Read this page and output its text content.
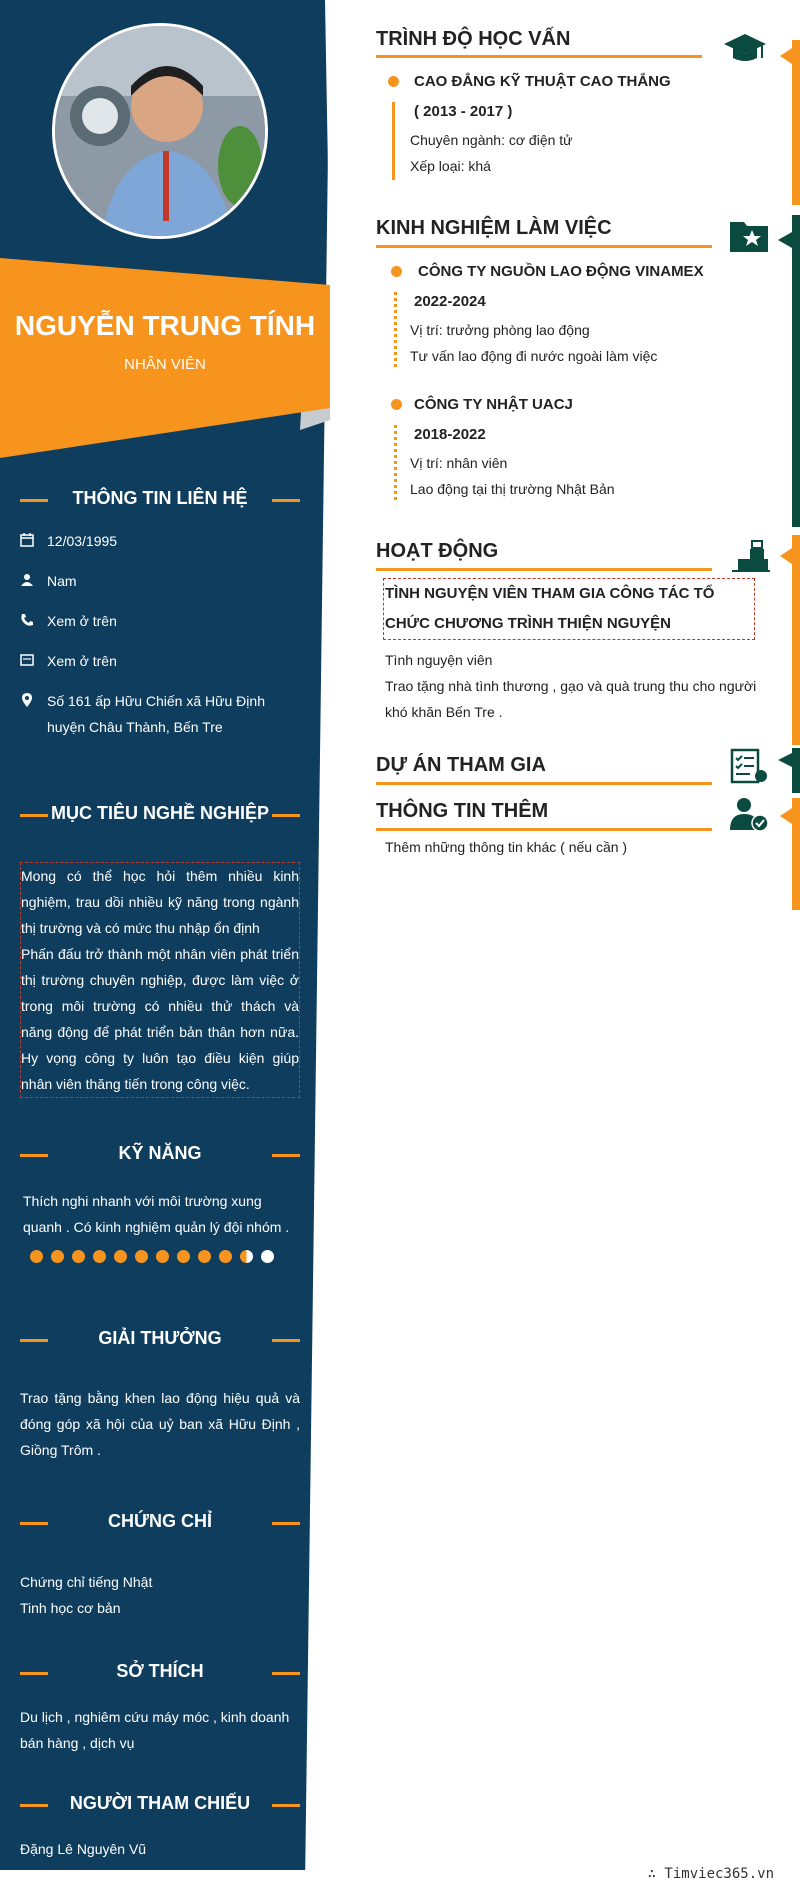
NGUYỄN TRUNG TÍNH
NHÂN VIÊN
THÔNG TIN LIÊN HỆ
12/03/1995
Nam
Xem ở trên
Xem ở trên
Số 161 ấp Hữu Chiến xã Hữu Định huyện Châu Thành, Bến Tre
MỤC TIÊU NGHỀ NGHIỆP
Mong có thể học hỏi thêm nhiều kinh nghiệm, trau dồi nhiều kỹ năng trong ngành thị trường và có mức thu nhập ổn định
Phấn đấu trở thành một nhân viên phát triển thị trường chuyên nghiệp, được làm việc ở trong môi trường có nhiều thử thách và năng động để phát triển bản thân hơn nữa. Hy vọng công ty luôn tạo điều kiện giúp nhân viên thăng tiến trong công việc.
KỸ NĂNG
Thích nghi nhanh với môi trường xung quanh . Có kinh nghiệm quản lý đội nhóm .
GIẢI THƯỞNG
Trao tặng bằng khen lao động hiệu quả và đóng góp xã hội của uỷ ban xã Hữu Định , Giồng Trôm .
CHỨNG CHỈ
Chứng chỉ tiếng Nhật
Tinh học cơ bản
SỞ THÍCH
Du lịch , nghiêm cứu máy móc , kinh doanh bán hàng , dịch vụ
NGƯỜI THAM CHIẾU
Đặng Lê Nguyên Vũ
TRÌNH ĐỘ HỌC VẤN
CAO ĐẲNG KỸ THUẬT CAO THẮNG
( 2013 - 2017 )
Chuyên ngành: cơ điện tử
Xếp loại: khá
KINH NGHIỆM LÀM VIỆC
CÔNG TY NGUỒN LAO ĐỘNG VINAMEX
2022-2024
Vị trí: trưởng phòng lao động
Tư vấn lao động đi nước ngoài làm việc
CÔNG TY NHẬT UACJ
2018-2022
Vị trí: nhân viên
Lao động tại thị trường Nhật Bản
HOẠT ĐỘNG
TÌNH NGUYỆN VIÊN THAM GIA CÔNG TÁC TỔ CHỨC CHƯƠNG TRÌNH THIỆN NGUYỆN
Tình nguyện viên
Trao tặng nhà tình thương , gạo và quà trung thu cho người khó khăn Bến Tre .
DỰ ÁN THAM GIA
THÔNG TIN THÊM
Thêm những thông tin khác ( nếu cần )
∴ Timviec365.vn
